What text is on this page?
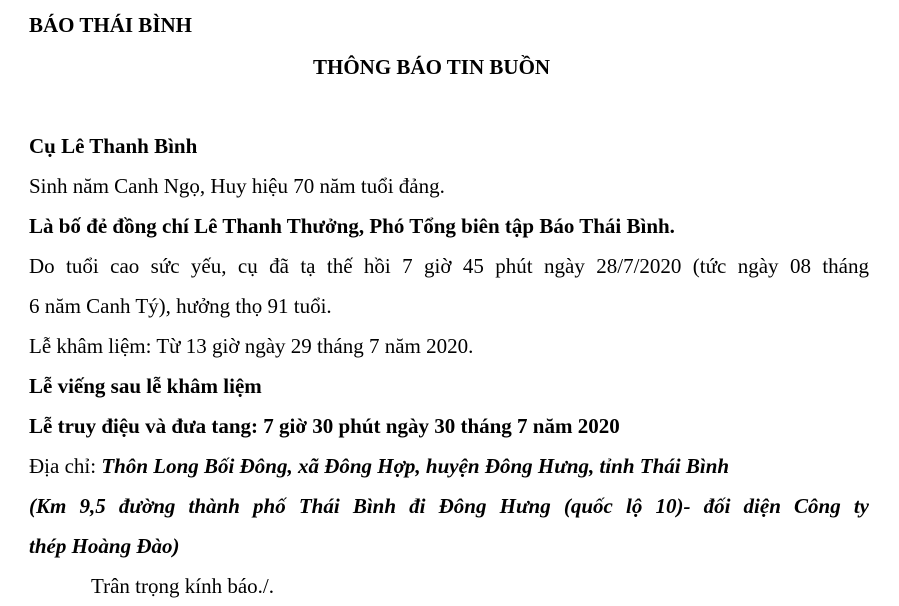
BÁO THÁI BÌNH
THÔNG BÁO TIN BUỒN
Cụ Lê Thanh Bình
Sinh năm Canh Ngọ, Huy hiệu 70 năm tuổi đảng.
Là bố đẻ đồng chí Lê Thanh Thưởng, Phó Tổng biên tập Báo Thái Bình.
Do tuổi cao sức yếu, cụ đã tạ thế hồi 7 giờ 45 phút ngày 28/7/2020 (tức ngày 08 tháng
6 năm Canh Tý), hưởng thọ 91 tuổi.
Lễ khâm liệm: Từ 13 giờ ngày 29 tháng 7 năm 2020.
Lễ viếng sau lễ khâm liệm
Lễ truy điệu và đưa tang: 7 giờ 30 phút ngày 30 tháng 7 năm 2020
Địa chỉ: Thôn Long Bối Đông, xã Đông Hợp, huyện Đông Hưng, tỉnh Thái Bình
(Km 9,5 đường thành phố Thái Bình đi Đông Hưng (quốc lộ 10)- đối diện Công ty
thép Hoàng Đào)
Trân trọng kính báo./.
